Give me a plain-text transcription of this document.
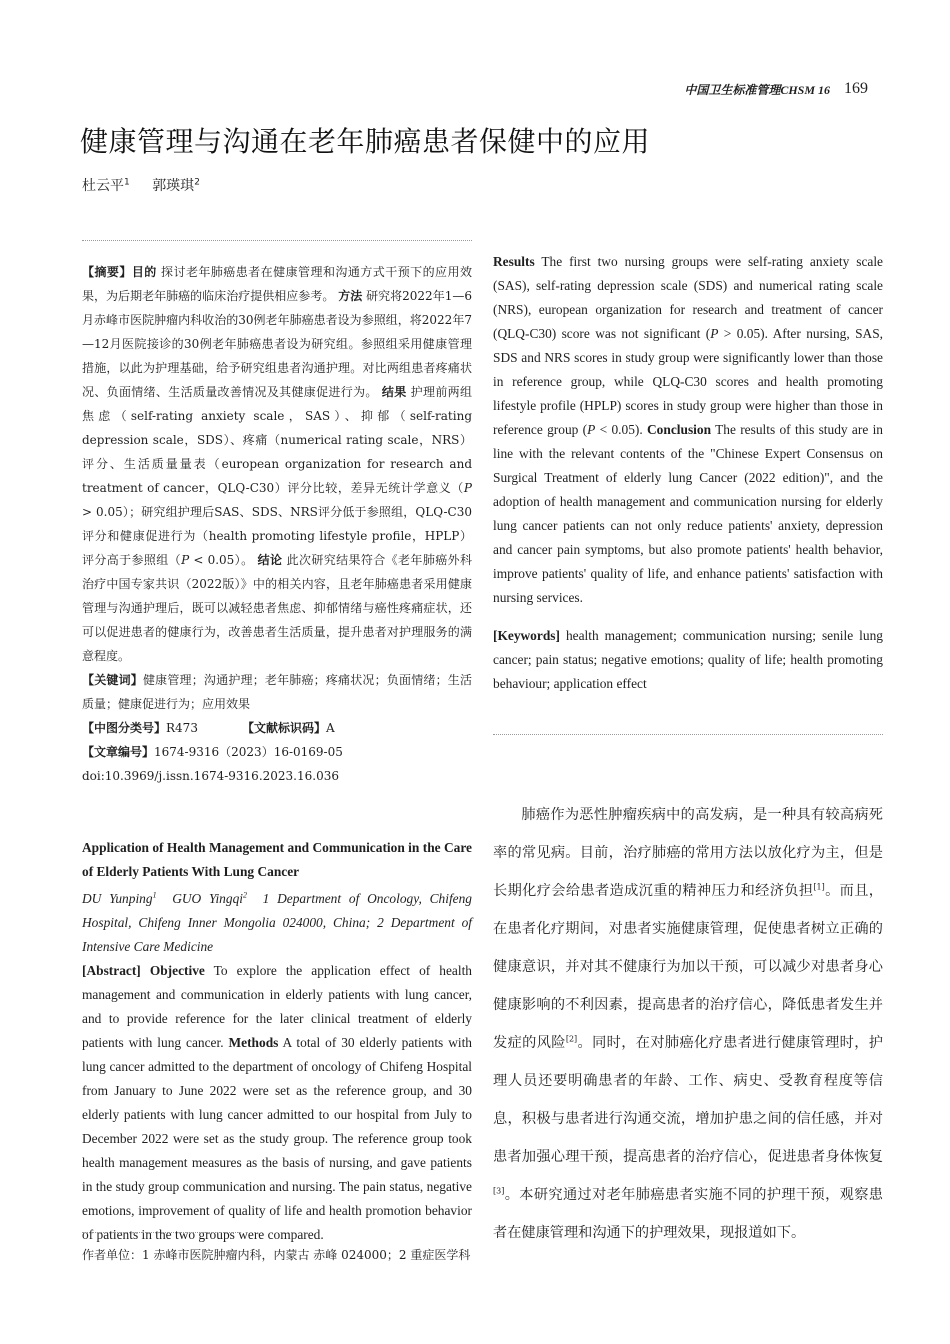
中国卫生标准管理CHSM 16 169
健康管理与沟通在老年肺癌患者保健中的应用
杜云平$^1$ 郭瑛琪$^2$

【摘要】目的 探讨老年肺癌患者在健康管理和沟通方式干预下的应用效果，为后期老年肺癌的临床治疗提供相应参考。 方法 研究将2022年1—6月赤峰市医院肿瘤内科收治的30例老年肺癌患者设为参照组，将2022年7—12月医院接诊的30例老年肺癌患者设为研究组。参照组采用健康管理措施，以此为护理基础，给予研究组患者沟通护理。对比两组患者疼痛状况、负面情绪、生活质量改善情况及其健康促进行为。 结果 护理前两组焦虑（self-rating anxiety scale，SAS）、抑郁（self-rating depression scale，SDS）、疼痛（numerical rating scale，NRS）评分、生活质量量表（european organization for research and treatment of cancer，QLQ-C30）评分比较，差异无统计学意义（P > 0.05）；研究组护理后SAS、SDS、NRS评分低于参照组，QLQ-C30评分和健康促进行为（health promoting lifestyle profile，HPLP）评分高于参照组（P < 0.05）。 结论 此次研究结果符合《老年肺癌外科治疗中国专家共识（2022版）》中的相关内容，且老年肺癌患者采用健康管理与沟通护理后，既可以减轻患者焦虑、抑郁情绪与癌性疼痛症状，还可以促进患者的健康行为，改善患者生活质量，提升患者对护理服务的满意程度。

【关键词】健康管理；沟通护理；老年肺癌；疼痛状况；负面情绪；生活质量；健康促进行为；应用效果

【中图分类号】R473	【文献标识码】A

【文章编号】1674-9316（2023）16-0169-05

doi:10.3969/j.issn.1674-9316.2023.16.036

Application of Health Management and Communication in the Care of Elderly Patients With Lung Cancer

DU Yunping$^1$ GUO Yingqi$^2$ 1 Department of Oncology, Chifeng Hospital, Chifeng Inner Mongolia 024000, China; 2 Department of Intensive Care Medicine

[Abstract] Objective To explore the application effect of health management and communication in elderly patients with lung cancer, and to provide reference for the later clinical treatment of elderly patients with lung cancer. Methods A total of 30 elderly patients with lung cancer admitted to the department of oncology of Chifeng Hospital from January to June 2022 were set as the reference group, and 30 elderly patients with lung cancer admitted to our hospital from July to December 2022 were set as the study group. The reference group took health management measures as the basis of nursing, and gave patients in the study group communication and nursing. The pain status, negative emotions, improvement of quality of life and health promotion behavior of patients in the two groups were compared.

作者单位：1 赤峰市医院肿瘤内科，内蒙古 赤峰 024000；2 重症医学科

Results The first two nursing groups were self-rating anxiety scale (SAS), self-rating depression scale (SDS) and numerical rating scale (NRS), european organization for research and treatment of cancer (QLQ-C30) score was not significant (P > 0.05). After nursing, SAS, SDS and NRS scores in study group were significantly lower than those in reference group, while QLQ-C30 scores and health promoting lifestyle profile (HPLP) scores in study group were higher than those in reference group (P < 0.05). Conclusion The results of this study are in line with the relevant contents of the "Chinese Expert Consensus on Surgical Treatment of elderly lung Cancer (2022 edition)", and the adoption of health management and communication nursing for elderly lung cancer patients can not only reduce patients' anxiety, depression and cancer pain symptoms, but also promote patients' health behavior, improve patients' quality of life, and enhance patients' satisfaction with nursing services.

[Keywords] health management; communication nursing; senile lung cancer; pain status; negative emotions; quality of life; health promoting behaviour; application effect

肺癌作为恶性肿瘤疾病中的高发病，是一种具有较高病死率的常见病。目前，治疗肺癌的常用方法以放化疗为主，但是长期化疗会给患者造成沉重的精神压力和经济负担[1]。而且，在患者化疗期间，对患者实施健康管理，促使患者树立正确的健康意识，并对其不健康行为加以干预，可以减少对患者身心健康影响的不利因素，提高患者的治疗信心，降低患者发生并发症的风险[2]。同时，在对肺癌化疗患者进行健康管理时，护理人员还要明确患者的年龄、工作、病史、受教育程度等信息，积极与患者进行沟通交流，增加护患之间的信任感，并对患者加强心理干预，提高患者的治疗信心，促进患者身体恢复[3]。本研究通过对老年肺癌患者实施不同的护理干预，观察患者在健康管理和沟通下的护理效果，现报道如下。
